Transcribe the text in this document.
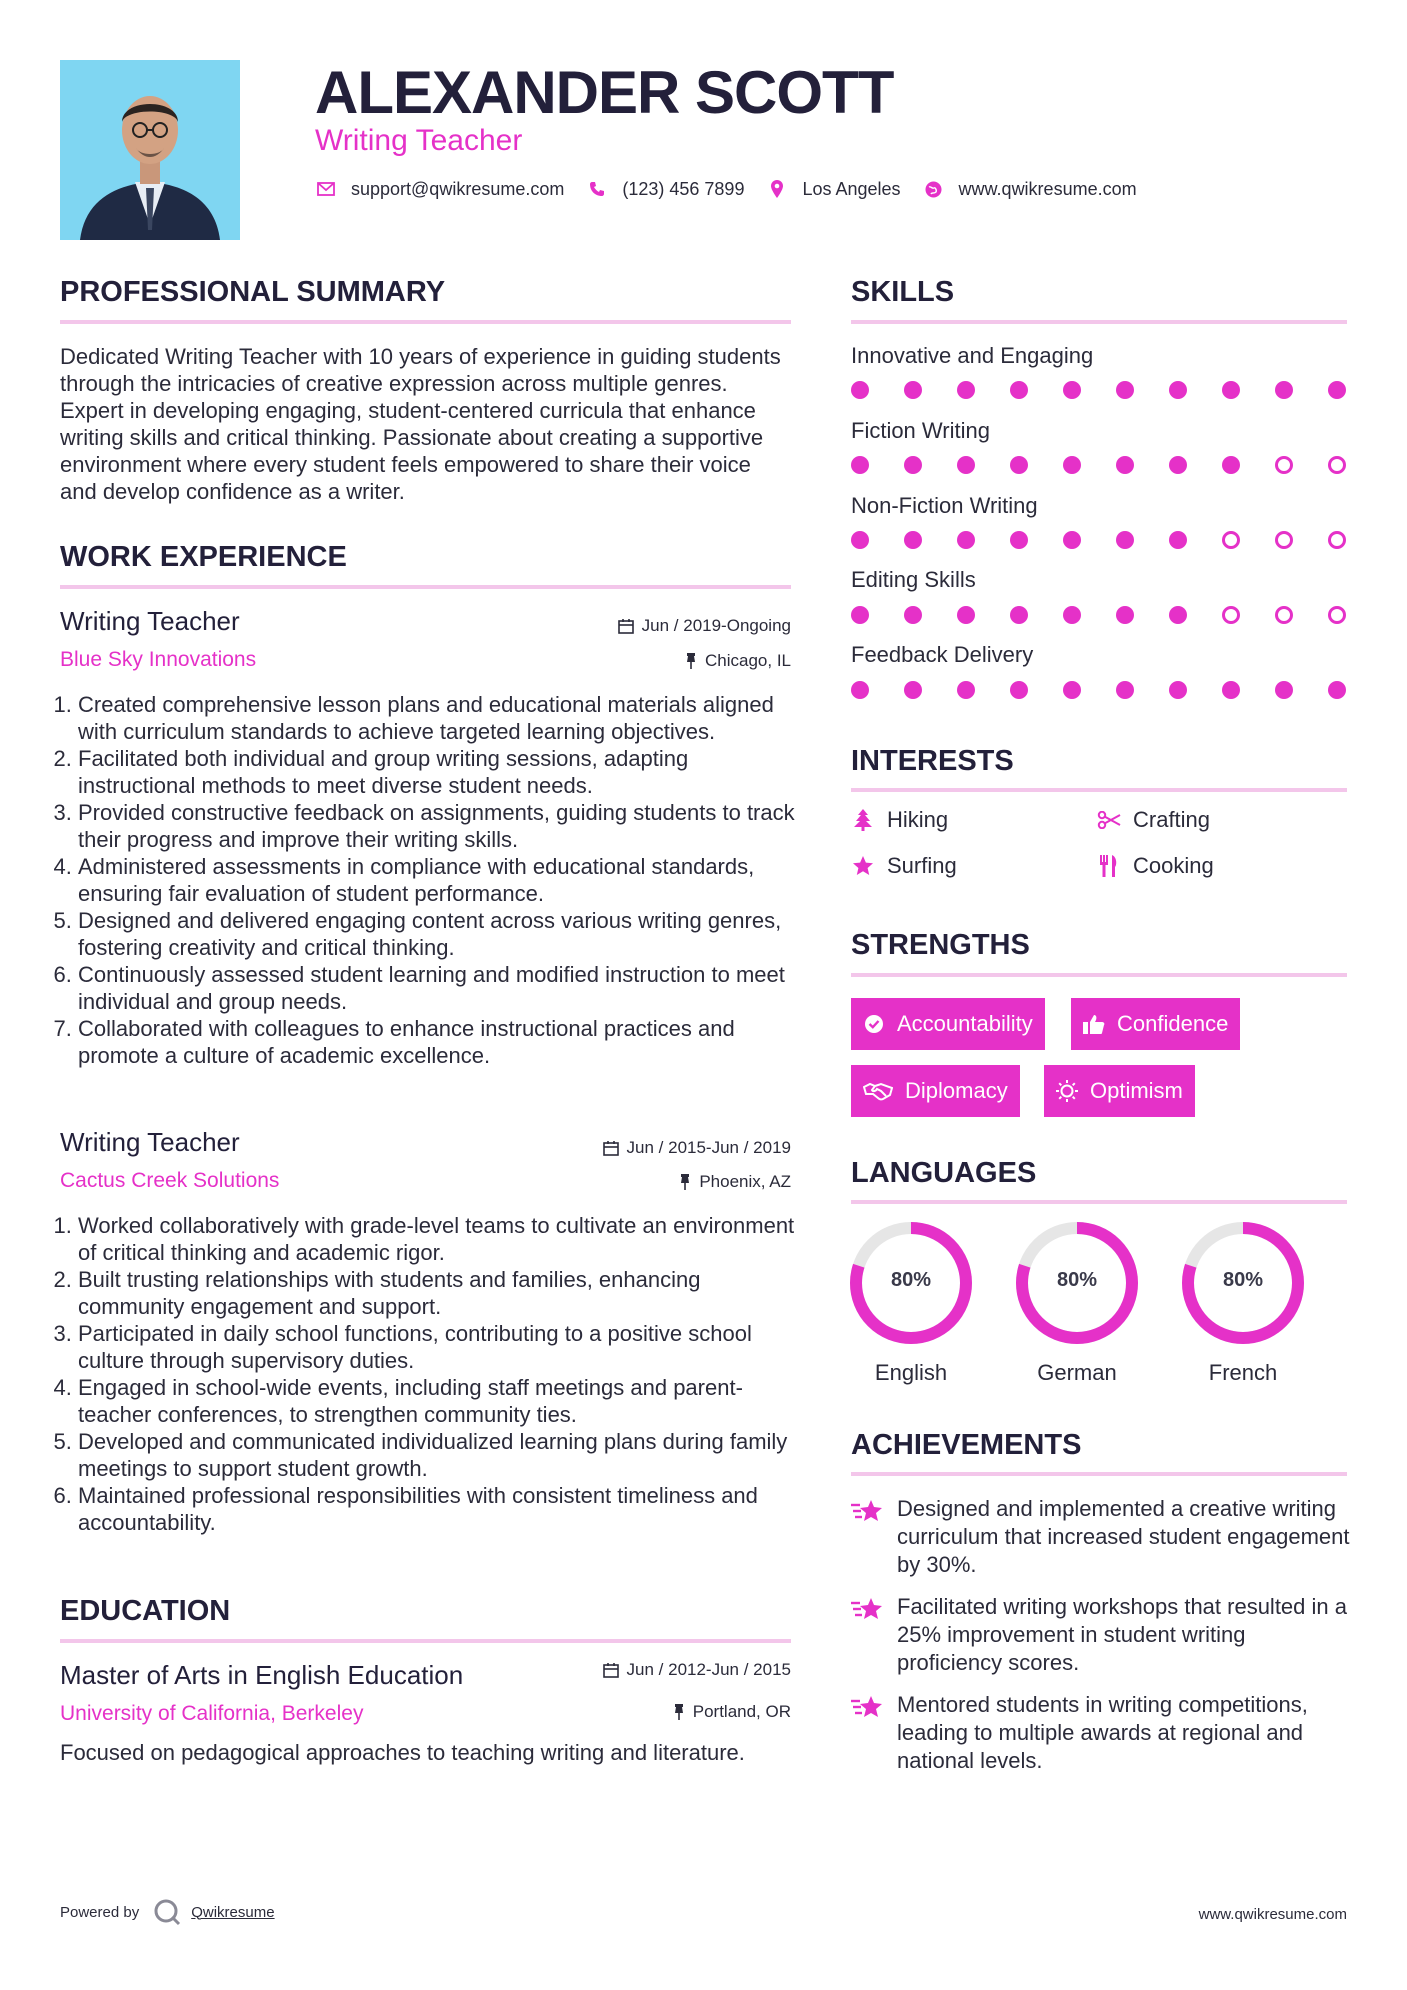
ALEXANDER SCOTT
Writing Teacher
support@qwikresume.com	(123) 456 7899	Los Angeles	www.qwikresume.com
PROFESSIONAL SUMMARY
Dedicated Writing Teacher with 10 years of experience in guiding students through the intricacies of creative expression across multiple genres. Expert in developing engaging, student-centered curricula that enhance writing skills and critical thinking. Passionate about creating a supportive environment where every student feels empowered to share their voice and develop confidence as a writer.
WORK EXPERIENCE
Writing Teacher	Jun / 2019-Ongoing
Blue Sky Innovations	Chicago, IL
1. Created comprehensive lesson plans and educational materials aligned with curriculum standards to achieve targeted learning objectives.
2. Facilitated both individual and group writing sessions, adapting instructional methods to meet diverse student needs.
3. Provided constructive feedback on assignments, guiding students to track their progress and improve their writing skills.
4. Administered assessments in compliance with educational standards, ensuring fair evaluation of student performance.
5. Designed and delivered engaging content across various writing genres, fostering creativity and critical thinking.
6. Continuously assessed student learning and modified instruction to meet individual and group needs.
7. Collaborated with colleagues to enhance instructional practices and promote a culture of academic excellence.
Writing Teacher	Jun / 2015-Jun / 2019
Cactus Creek Solutions	Phoenix, AZ
1. Worked collaboratively with grade-level teams to cultivate an environment of critical thinking and academic rigor.
2. Built trusting relationships with students and families, enhancing community engagement and support.
3. Participated in daily school functions, contributing to a positive school culture through supervisory duties.
4. Engaged in school-wide events, including staff meetings and parent-teacher conferences, to strengthen community ties.
5. Developed and communicated individualized learning plans during family meetings to support student growth.
6. Maintained professional responsibilities with consistent timeliness and accountability.
EDUCATION
Master of Arts in English Education	Jun / 2012-Jun / 2015
University of California, Berkeley	Portland, OR
Focused on pedagogical approaches to teaching writing and literature.
SKILLS
Innovative and Engaging
Fiction Writing
Non-Fiction Writing
Editing Skills
Feedback Delivery
INTERESTS
Hiking	Crafting
Surfing	Cooking
STRENGTHS
Accountability	Confidence
Diplomacy	Optimism
LANGUAGES
80%
English
80%
German
80%
French
ACHIEVEMENTS
Designed and implemented a creative writing curriculum that increased student engagement by 30%.
Facilitated writing workshops that resulted in a 25% improvement in student writing proficiency scores.
Mentored students in writing competitions, leading to multiple awards at regional and national levels.
Powered by	Qwikresume	www.qwikresume.com
